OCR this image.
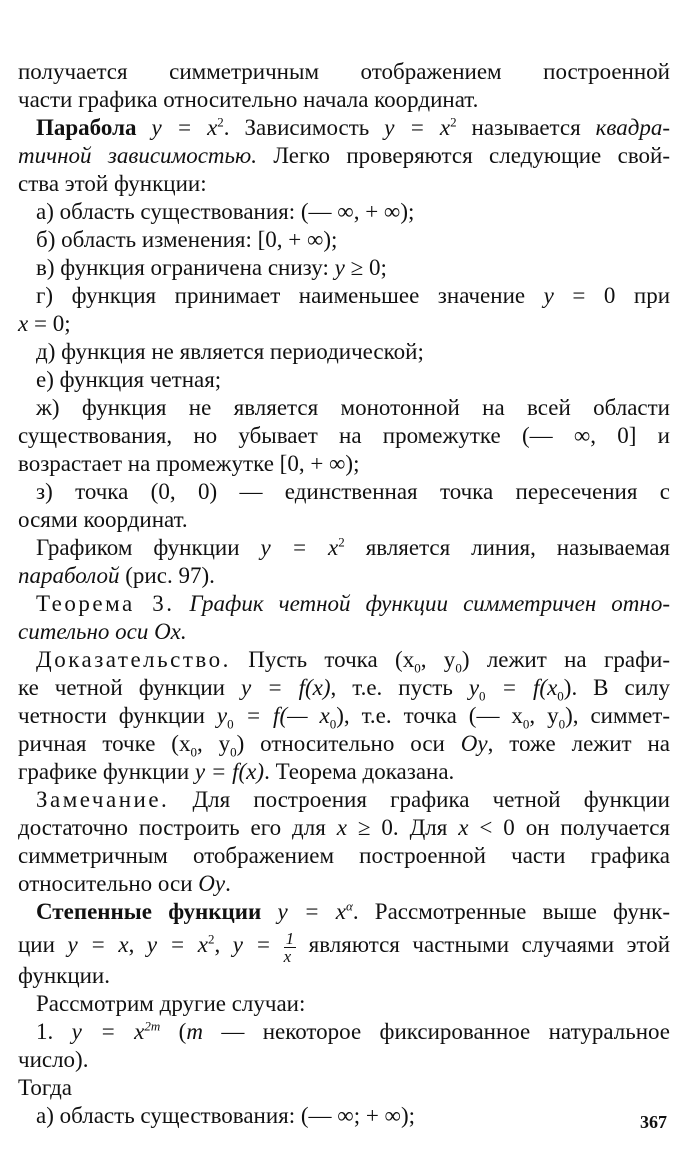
получается симметричным отображением построенной
части графика относительно начала координат.
Парабола $y = x^2$. Зависимость $y = x^2$ называется квадра-
тичной зависимостью. Легко проверяются следующие свой-
ства этой функции:
а) область существования: (— ∞, + ∞);
б) область изменения: [0, + ∞);
в) функция ограничена снизу: y ≥ 0;
г) функция принимает наименьшее значение y = 0 при
x = 0;
д) функция не является периодической;
е) функция четная;
ж) функция не является монотонной на всей области
существования, но убывает на промежутке (— ∞, 0] и
возрастает на промежутке [0, + ∞);
з) точка (0, 0) — единственная точка пересечения с
осями координат.
Графиком функции $y = x^2$ является линия, называемая
параболой (рис. 97).
Теорема 3. График четной функции симметричен отно-
сительно оси Ox.
Доказательство. Пусть точка ($x_0$, $y_0$) лежит на графи-
ке четной функции y = f(x), т.е. пусть $y_0 = f(x_0)$. В силу
четности функции $y_0$ = f(— $x_0$), т.е. точка (— $x_0$, $y_0$), симмет-
ричная точке ($x_0$, $y_0$) относительно оси Oy, тоже лежит на
графике функции y = f(x). Теорема доказана.
Замечание. Для построения графика четной функции
достаточно построить его для x ≥ 0. Для x < 0 он получается
симметричным отображением построенной части графика
относительно оси Oy.
Степенные функции $y = x^\alpha$. Рассмотренные выше функ-
ции y = x, $y = x^2$, $y = \frac{1}{x}$ являются частными случаями этой
функции.
Рассмотрим другие случаи:
1. $y = x^{2m}$ (m — некоторое фиксированное натуральное
число).
Тогда
а) область существования: (— ∞; + ∞);	367
